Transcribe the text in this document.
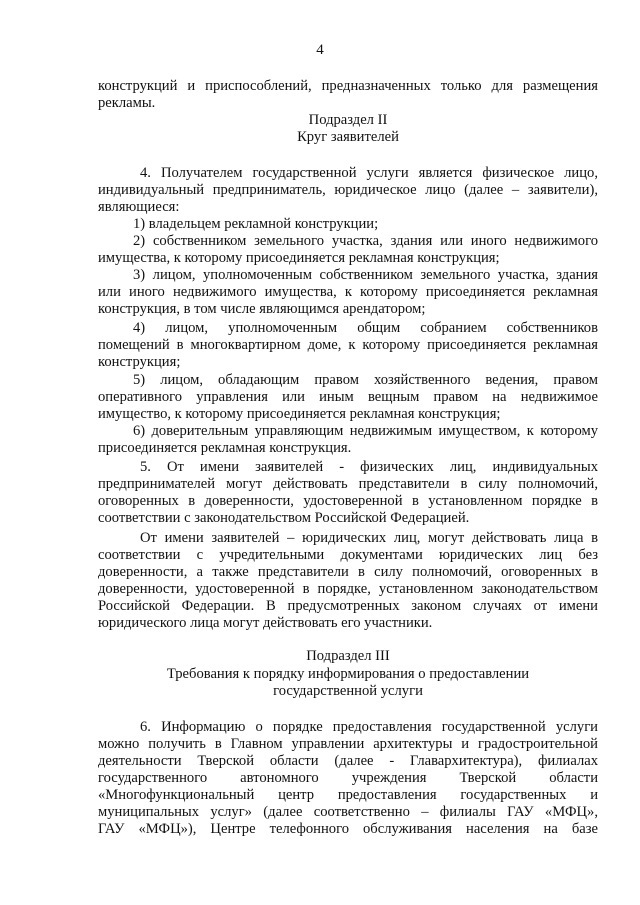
4
конструкций и приспособлений, предназначенных только для размещения
рекламы.
Подраздел II
Круг заявителей
4. Получателем государственной услуги является физическое лицо,
индивидуальный предприниматель, юридическое лицо (далее – заявители),
являющиеся:
1) владельцем рекламной конструкции;
2) собственником земельного участка, здания или иного недвижимого
имущества, к которому присоединяется рекламная конструкция;
3) лицом, уполномоченным собственником земельного участка, здания
или иного недвижимого имущества, к которому присоединяется рекламная
конструкция, в том числе являющимся арендатором;
4) лицом, уполномоченным общим собранием собственников
помещений в многоквартирном доме, к которому присоединяется рекламная
конструкция;
5) лицом, обладающим правом хозяйственного ведения, правом
оперативного управления или иным вещным правом на недвижимое
имущество, к которому присоединяется рекламная конструкция;
6) доверительным управляющим недвижимым имуществом, к которому
присоединяется рекламная конструкция.
5. От имени заявителей - физических лиц, индивидуальных
предпринимателей могут действовать представители в силу полномочий,
оговоренных в доверенности, удостоверенной в установленном порядке в
соответствии с законодательством Российской Федерацией.
От имени заявителей – юридических лиц, могут действовать лица в
соответствии с учредительными документами юридических лиц без
доверенности, а также представители в силу полномочий, оговоренных в
доверенности, удостоверенной в порядке, установленном законодательством
Российской Федерации. В предусмотренных законом случаях от имени
юридического лица могут действовать его участники.
Подраздел III
Требования к порядку информирования о предоставлении
государственной услуги
6. Информацию о порядке предоставления государственной услуги
можно получить в Главном управлении архитектуры и градостроительной
деятельности Тверской области (далее - Главархитектура), филиалах
государственного автономного учреждения Тверской области
«Многофункциональный центр предоставления государственных и
муниципальных услуг» (далее соответственно – филиалы ГАУ «МФЦ»,
ГАУ «МФЦ»), Центре телефонного обслуживания населения на базе
